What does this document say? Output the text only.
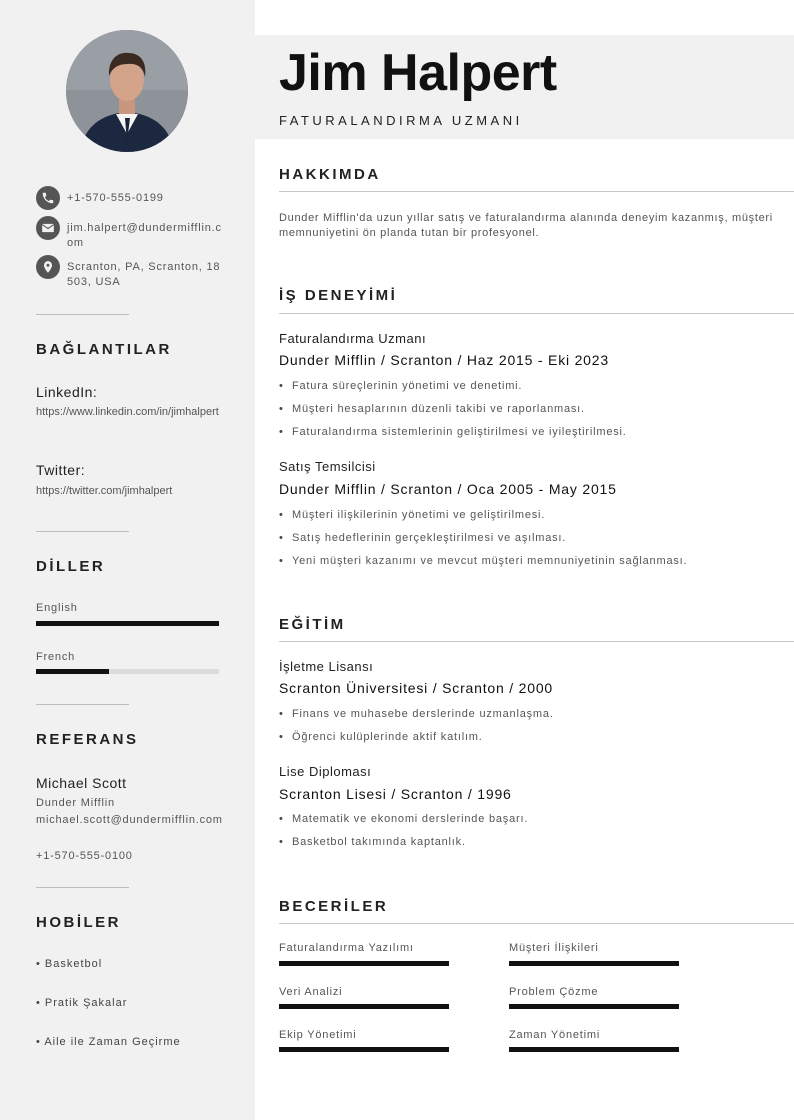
+1-570-555-0199
jim.halpert@dundermifflin.com
Scranton, PA, Scranton, 18503, USA
BAĞLANTILAR
LinkedIn:
https://www.linkedin.com/in/jimhalpert
Twitter:
https://twitter.com/jimhalpert
DİLLER
English
French
REFERANS
Michael Scott
Dunder Mifflin
michael.scott@dundermifflin.com
+1-570-555-0100
HOBİLER
• Basketbol
• Pratik Şakalar
• Aile ile Zaman Geçirme
Jim Halpert
FATURALANDIRMA UZMANI
HAKKIMDA
Dunder Mifflin'da uzun yıllar satış ve faturalandırma alanında deneyim kazanmış, müşteri memnuniyetini ön planda tutan bir profesyonel.
İŞ DENEYİMİ
Faturalandırma Uzmanı
Dunder Mifflin / Scranton / Haz 2015 - Eki 2023
• Fatura süreçlerinin yönetimi ve denetimi.
• Müşteri hesaplarının düzenli takibi ve raporlanması.
• Faturalandırma sistemlerinin geliştirilmesi ve iyileştirilmesi.
Satış Temsilcisi
Dunder Mifflin / Scranton / Oca 2005 - May 2015
• Müşteri ilişkilerinin yönetimi ve geliştirilmesi.
• Satış hedeflerinin gerçekleştirilmesi ve aşılması.
• Yeni müşteri kazanımı ve mevcut müşteri memnuniyetinin sağlanması.
EĞİTİM
İşletme Lisansı
Scranton Üniversitesi / Scranton / 2000
• Finans ve muhasebe derslerinde uzmanlaşma.
• Öğrenci kulüplerinde aktif katılım.
Lise Diploması
Scranton Lisesi / Scranton / 1996
• Matematik ve ekonomi derslerinde başarı.
• Basketbol takımında kaptanlık.
BECERİLER
Faturalandırma Yazılımı	Müşteri İlişkileri
Veri Analizi	Problem Çözme
Ekip Yönetimi	Zaman Yönetimi
